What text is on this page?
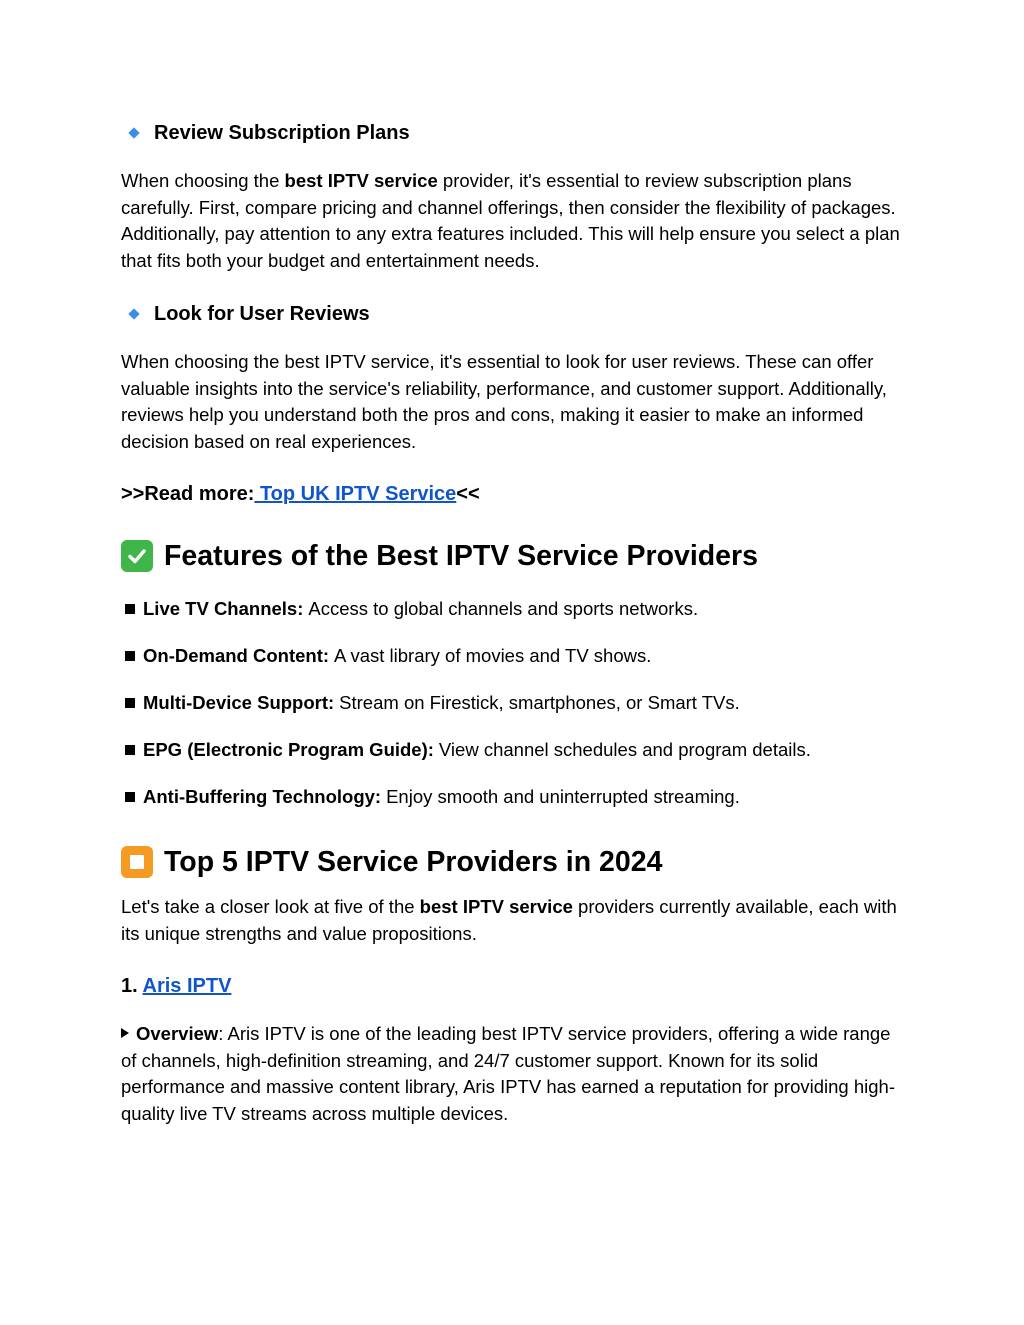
Review Subscription Plans

When choosing the best IPTV service provider, it's essential to review subscription plans carefully. First, compare pricing and channel offerings, then consider the flexibility of packages. Additionally, pay attention to any extra features included. This will help ensure you select a plan that fits both your budget and entertainment needs.

Look for User Reviews

When choosing the best IPTV service, it's essential to look for user reviews. These can offer valuable insights into the service's reliability, performance, and customer support. Additionally, reviews help you understand both the pros and cons, making it easier to make an informed decision based on real experiences.

>>Read more: Top UK IPTV Service<<

Features of the Best IPTV Service Providers

Live TV Channels: Access to global channels and sports networks.

On-Demand Content: A vast library of movies and TV shows.

Multi-Device Support: Stream on Firestick, smartphones, or Smart TVs.

EPG (Electronic Program Guide): View channel schedules and program details.

Anti-Buffering Technology: Enjoy smooth and uninterrupted streaming.

Top 5 IPTV Service Providers in 2024

Let's take a closer look at five of the best IPTV service providers currently available, each with its unique strengths and value propositions.

1. Aris IPTV

Overview: Aris IPTV is one of the leading best IPTV service providers, offering a wide range of channels, high-definition streaming, and 24/7 customer support. Known for its solid performance and massive content library, Aris IPTV has earned a reputation for providing high-quality live TV streams across multiple devices.
